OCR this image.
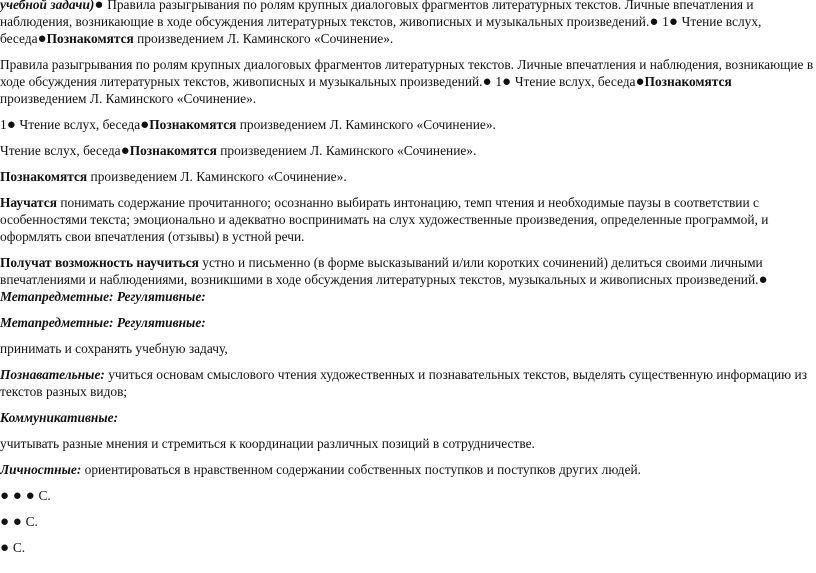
учебной задачи)● Правила разыгрывания по ролям крупных диалоговых фрагментов литературных текстов. Личные впечатления и наблюдения, возникающие в ходе обсуждения литературных текстов, живописных и музыкальных произведений.● 1● Чтение вслух, беседа●Познакомятся произведением Л. Каминского «Сочинение».

Правила разыгрывания по ролям крупных диалоговых фрагментов литературных текстов. Личные впечатления и наблюдения, возникающие в ходе обсуждения литературных текстов, живописных и музыкальных произведений.● 1● Чтение вслух, беседа●Познакомятся произведением Л. Каминского «Сочинение».

1● Чтение вслух, беседа●Познакомятся произведением Л. Каминского «Сочинение».

Чтение вслух, беседа●Познакомятся произведением Л. Каминского «Сочинение».

Познакомятся произведением Л. Каминского «Сочинение».

Научатся понимать содержание прочитанного; осознанно выбирать интонацию, темп чтения и необходимые паузы в соответствии с особенностями текста; эмоционально и адекватно воспринимать на слух художественные произведения, определенные программой, и оформлять свои впечатления (отзывы) в устной речи.

Получат возможность научиться устно и письменно (в форме высказываний и/или коротких сочинений) делиться своими личными впечатлениями и наблюдениями, возникшими в ходе обсуждения литературных текстов, музыкальных и живописных произведений.● Метапредметные: Регулятивные:

Метапредметные: Регулятивные:

принимать и сохранять учебную задачу,

Познавательные: учиться основам смыслового чтения художественных и познавательных текстов, выделять существенную информацию из текстов разных видов;

Коммуникативные:

учитывать разные мнения и стремиться к координации различных позиций в сотрудничестве.

Личностные: ориентироваться в нравственном содержании собственных поступков и поступков других людей.

● ● ● С.

● ● С.

● С.
